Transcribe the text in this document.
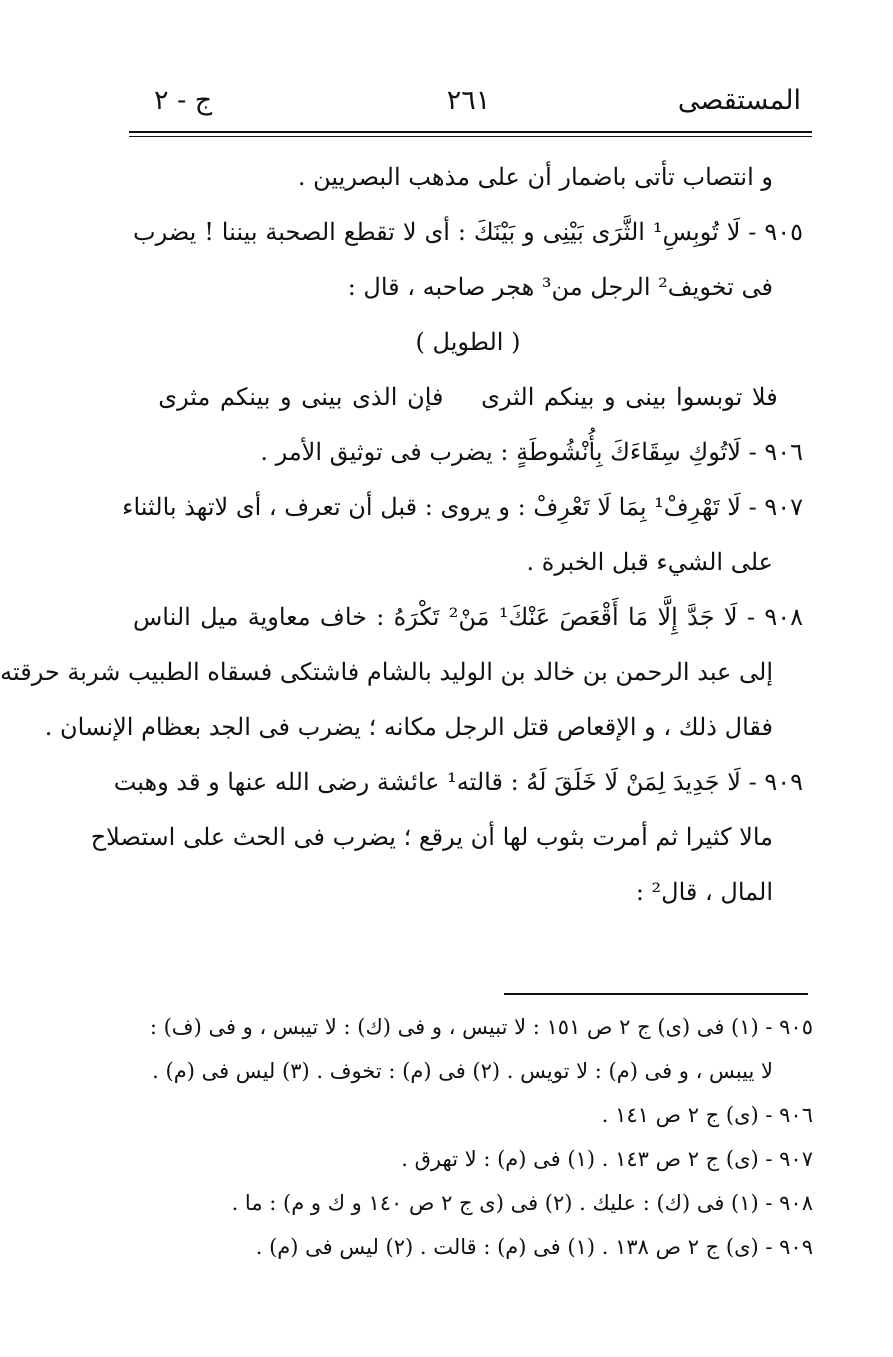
المستقصى
٢٦١
ج - ٢
و انتصاب تأتى باضمار أن على مذهب البصريين .
٩٠٥ - لَا تُوبِسِ¹ الثَّرَى بَيْنِى و بَيْنَكَ : أى لا تقطع الصحبة بيننا ! يضرب
فى تخويف² الرجل من³ هجر صاحبه ، قال :
( الطويل )
فلا توبسوا بينى و بينكم الثرى فإن الذى بينى و بينكم مثرى
٩٠٦ - لَاتُوكِ سِقَاءَكَ بِأُنْشُوطَةٍ : يضرب فى توثيق الأمر .
٩٠٧ - لَا تَهْرِفْ¹ بِمَا لَا تَعْرِفْ : و يروى : قبل أن تعرف ، أى لاتهذ بالثناء
على الشيء قبل الخبرة .
٩٠٨ - لَا جَدَّ إِلَّا مَا أَقْعَصَ عَنْكَ¹ مَنْ² تَكْرَهُ : خاف معاوية ميل الناس
إلى عبد الرحمن بن خالد بن الوليد بالشام فاشتكى فسقاه الطبيب شربة حرقته
فقال ذلك ، و الإقعاص قتل الرجل مكانه ؛ يضرب فى الجد بعظام الإنسان .
٩٠٩ - لَا جَدِيدَ لِمَنْ لَا خَلَقَ لَهُ : قالته¹ عائشة رضى الله عنها و قد وهبت
مالا كثيرا ثم أمرت بثوب لها أن يرقع ؛ يضرب فى الحث على استصلاح
المال ، قال² :
٩٠٥ - (١) فى (ى) ج ٢ ص ١٥١ : لا تبيس ، و فى (ك) : لا تيبس ، و فى (ف) :
لا ييبس ، و فى (م) : لا تويس . (٢) فى (م) : تخوف . (٣) ليس فى (م) .
٩٠٦ - (ى) ج ٢ ص ١٤١ .
٩٠٧ - (ى) ج ٢ ص ١٤٣ . (١) فى (م) : لا تهرق .
٩٠٨ - (١) فى (ك) : عليك . (٢) فى (ى ج ٢ ص ١٤٠ و ك و م) : ما .
٩٠٩ - (ى) ج ٢ ص ١٣٨ . (١) فى (م) : قالت . (٢) ليس فى (م) .
